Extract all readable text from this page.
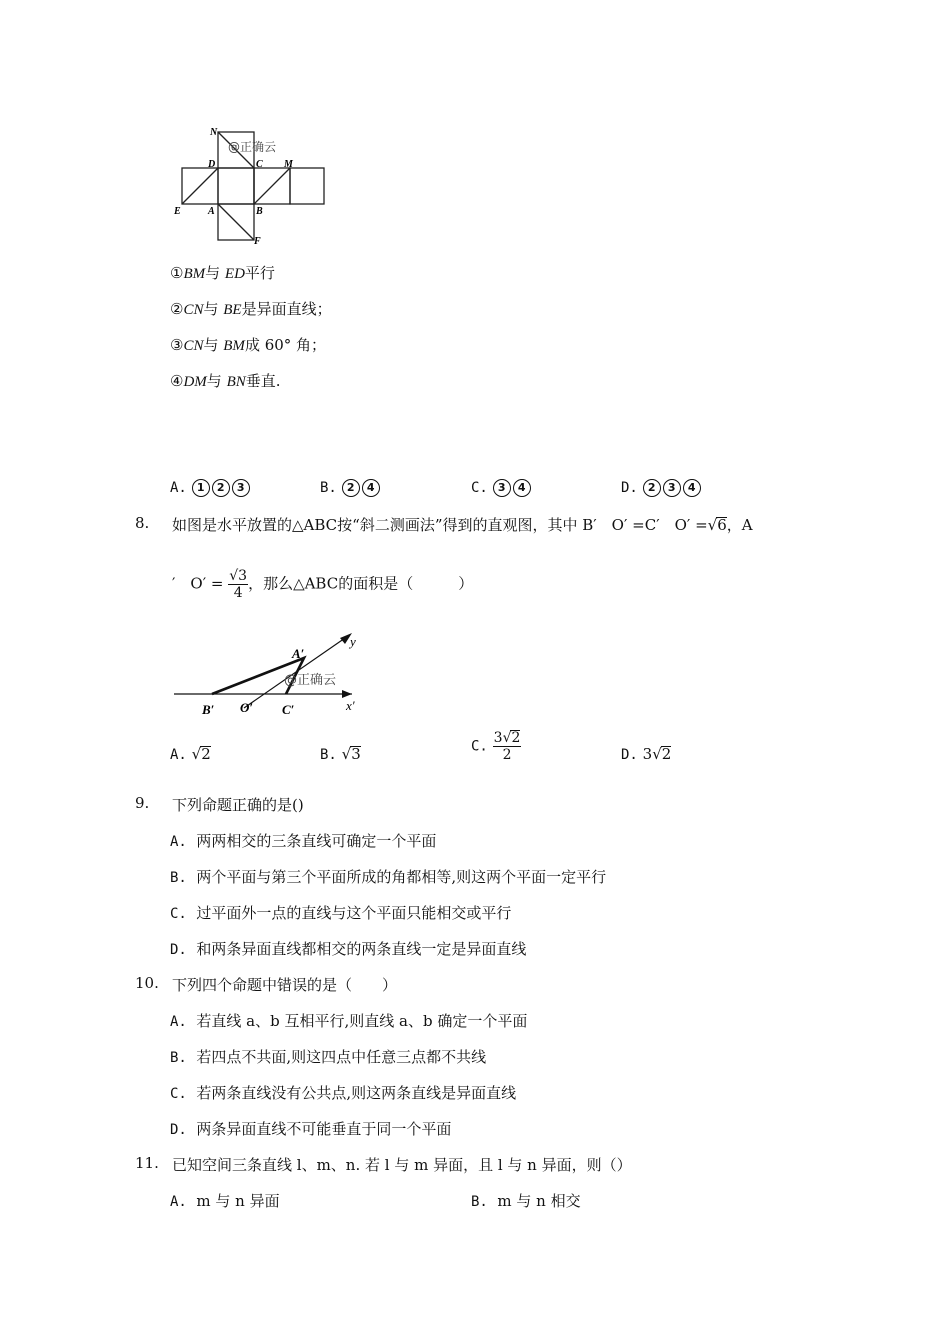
N
D	C M
E	A	B
F
@正确云
①BM与 ED平行
②CN与 BE是异面直线；
③CN与 BM成 60° 角；
④DM与 BN垂直.
A. 1 2 3	B. 2 4	C. 3 4	D. 2 3 4
8. 如图是水平放置的△ABC按“斜二测画法”得到的直观图，其中 B′　O′ =C′　O′ =√6，A
′　$O' = \frac{√3}{4}$ ，那么△ABC的面积是（　　　）
A′
y
B′ O′ C′	x′
@正确云
A. √2	B. √3	C. $\frac{3√2}{2}$	D. 3√2
9. 下列命题正确的是()
A. 两两相交的三条直线可确定一个平面
B. 两个平面与第三个平面所成的角都相等,则这两个平面一定平行
C. 过平面外一点的直线与这个平面只能相交或平行
D. 和两条异面直线都相交的两条直线一定是异面直线
10. 下列四个命题中错误的是（　　）
A. 若直线 a、b 互相平行,则直线 a、b 确定一个平面
B. 若四点不共面,则这四点中任意三点都不共线
C. 若两条直线没有公共点,则这两条直线是异面直线
D. 两条异面直线不可能垂直于同一个平面
11. 已知空间三条直线 l、m、n. 若 l 与 m 异面，且 l 与 n 异面，则（）
A. m 与 n 异面	B. m 与 n 相交
